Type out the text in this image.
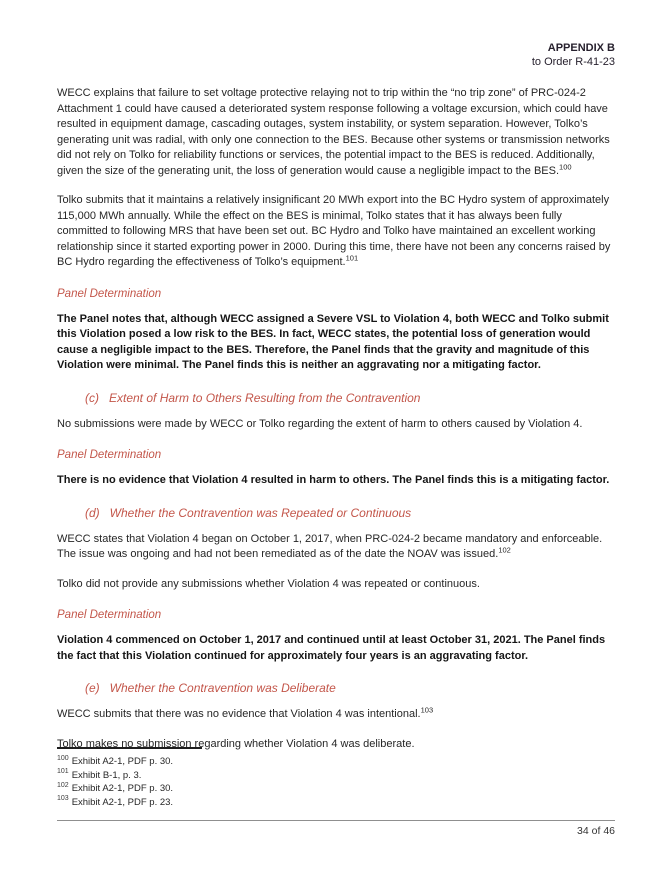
APPENDIX B
to Order R-41-23

WECC explains that failure to set voltage protective relaying not to trip within the “no trip zone” of PRC-024-2 Attachment 1 could have caused a deteriorated system response following a voltage excursion, which could have resulted in equipment damage, cascading outages, system instability, or system separation. However, Tolko’s generating unit was radial, with only one connection to the BES. Because other systems or transmission networks did not rely on Tolko for reliability functions or services, the potential impact to the BES is reduced. Additionally, given the size of the generating unit, the loss of generation would cause a negligible impact to the BES.$^{100}$

Tolko submits that it maintains a relatively insignificant 20 MWh export into the BC Hydro system of approximately 115,000 MWh annually. While the effect on the BES is minimal, Tolko states that it has always been fully committed to following MRS that have been set out. BC Hydro and Tolko have maintained an excellent working relationship since it started exporting power in 2000. During this time, there have not been any concerns raised by BC Hydro regarding the effectiveness of Tolko’s equipment.$^{101}$

Panel Determination

The Panel notes that, although WECC assigned a Severe VSL to Violation 4, both WECC and Tolko submit this Violation posed a low risk to the BES. In fact, WECC states, the potential loss of generation would cause a negligible impact to the BES. Therefore, the Panel finds that the gravity and magnitude of this Violation were minimal. The Panel finds this is neither an aggravating nor a mitigating factor.

(c) Extent of Harm to Others Resulting from the Contravention

No submissions were made by WECC or Tolko regarding the extent of harm to others caused by Violation 4.

Panel Determination

There is no evidence that Violation 4 resulted in harm to others. The Panel finds this is a mitigating factor.

(d) Whether the Contravention was Repeated or Continuous

WECC states that Violation 4 began on October 1, 2017, when PRC-024-2 became mandatory and enforceable. The issue was ongoing and had not been remediated as of the date the NOAV was issued.$^{102}$

Tolko did not provide any submissions whether Violation 4 was repeated or continuous.

Panel Determination

Violation 4 commenced on October 1, 2017 and continued until at least October 31, 2021. The Panel finds the fact that this Violation continued for approximately four years is an aggravating factor.

(e) Whether the Contravention was Deliberate

WECC submits that there was no evidence that Violation 4 was intentional.$^{103}$

Tolko makes no submission regarding whether Violation 4 was deliberate.

$^{100}$ Exhibit A2-1, PDF p. 30.
$^{101}$ Exhibit B-1, p. 3.
$^{102}$ Exhibit A2-1, PDF p. 30.
$^{103}$ Exhibit A2-1, PDF p. 23.
34 of 46
